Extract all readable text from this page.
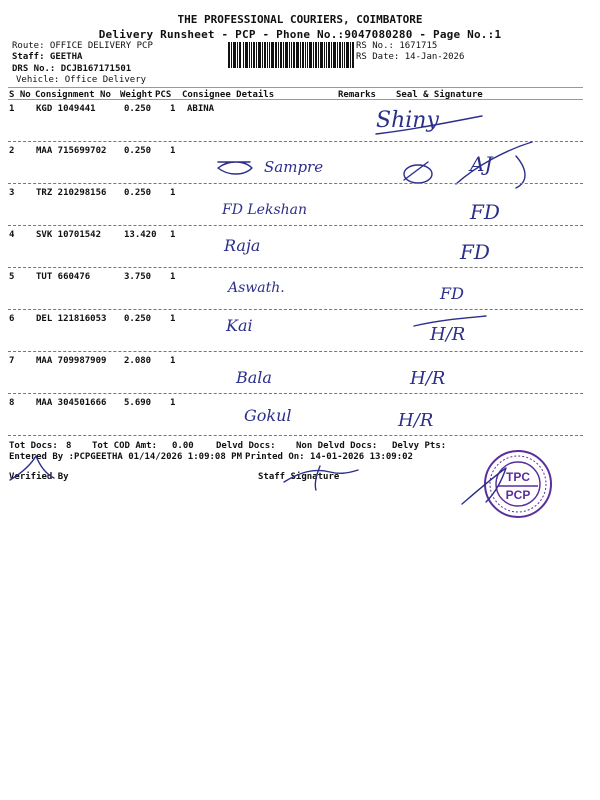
THE PROFESSIONAL COURIERS, COIMBATORE
Delivery Runsheet - PCP - Phone No.:9047080280 - Page No.:1
Route: OFFICE DELIVERY PCP
Staff: GEETHA
DRS No.: DCJB167171501
Vehicle: Office Delivery
RS No.: 1671715
RS Date: 14-Jan-2026
S No Consignment No Weight PCS Consignee Details	Remarks Seal & Signature
1 KGD 1049441	0.250 1 ABINA	Shiny
2 MAA 715699702 0.250 1
Sampre	AJ
3 TRZ 210298156 0.250 1
FD Lekshan	FD
4 SVK 10701542	13.420 1
Raja	FD
5 TUT 660476	3.750 1
Aswath.	FD
6 DEL 121816053 0.250 1	Kai	H/R
7 MAA 709987909 2.080 1
Bala	H/R
8 MAA 304501666 5.690 1
Gokul	H/R
Tot Docs: 8 Tot COD Amt: 0.00 Delvd Docs: Non Delvd Docs: Delvy Pts:
Entered By :PCPGEETHA 01/14/2026 1:09:08 PM Printed On: 14-01-2026 13:09:02
Verified By	Staff Signature	TPC
PCP
